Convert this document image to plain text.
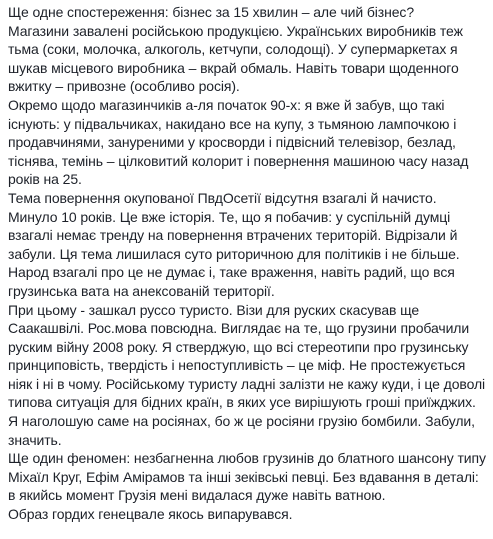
Ще одне спостереження: бізнес за 15 хвилин – але чий бізнес?
Магазини завалені російською продукцією. Українських виробників теж тьма (соки, молочка, алкоголь, кетчупи, солодощі). У супермаркетах я шукав місцевого виробника – вкрай обмаль. Навіть товари щоденного вжитку – привозне (особливо росія).

Окремо щодо магазинчиків а-ля початок 90-х: я вже й забув, що такі існують: у підвальчиках, накидано все на купу, з тьмяною лампочкою і продавчинями, зануреними у кросворди і підвісний телевізор, безлад, тіснява, темінь – цілковитий колорит і повернення машиною часу назад років на 25.

Тема повернення окупованої ПвдОсетії відсутня взагалі й начисто.

Минуло 10 років. Це вже історія. Те, що я побачив: у суспільній думці взагалі немає тренду на повернення втрачених територій. Відрізали й забули. Ця тема лишилася суто риторичною для політиків і не більше.

Народ взагалі про це не думає і, таке враження, навіть радий, що вся грузинська вата на анексованій території.

При цьому - зашкал руссо туристо. Візи для руских скасував ще Саакашвілі. Рос.мова повсюдна. Виглядає на те, що грузини пробачили руским війну 2008 року. Я стверджую, що всі стереотипи про грузинську принциповість, твердість і непоступливість – це міф. Не простежується ніяк і ні в чому. Російському туристу ладні залізти не кажу куди, і це доволі типова ситуація для бідних країн, в яких усе вирішують гроші приїжджих. Я наголошую саме на росіянах, бо ж це росіяни грузію бомбили. Забули, значить.

Ще один феномен: незбагненна любов грузинів до блатного шансону типу Міхаїл Круг, Ефім Амірамов та інші зеківські певці. Без вдавання в деталі: в якийсь момент Грузія мені видалася дуже навіть ватною.

Образ гордих генецвале якось випарувався.
